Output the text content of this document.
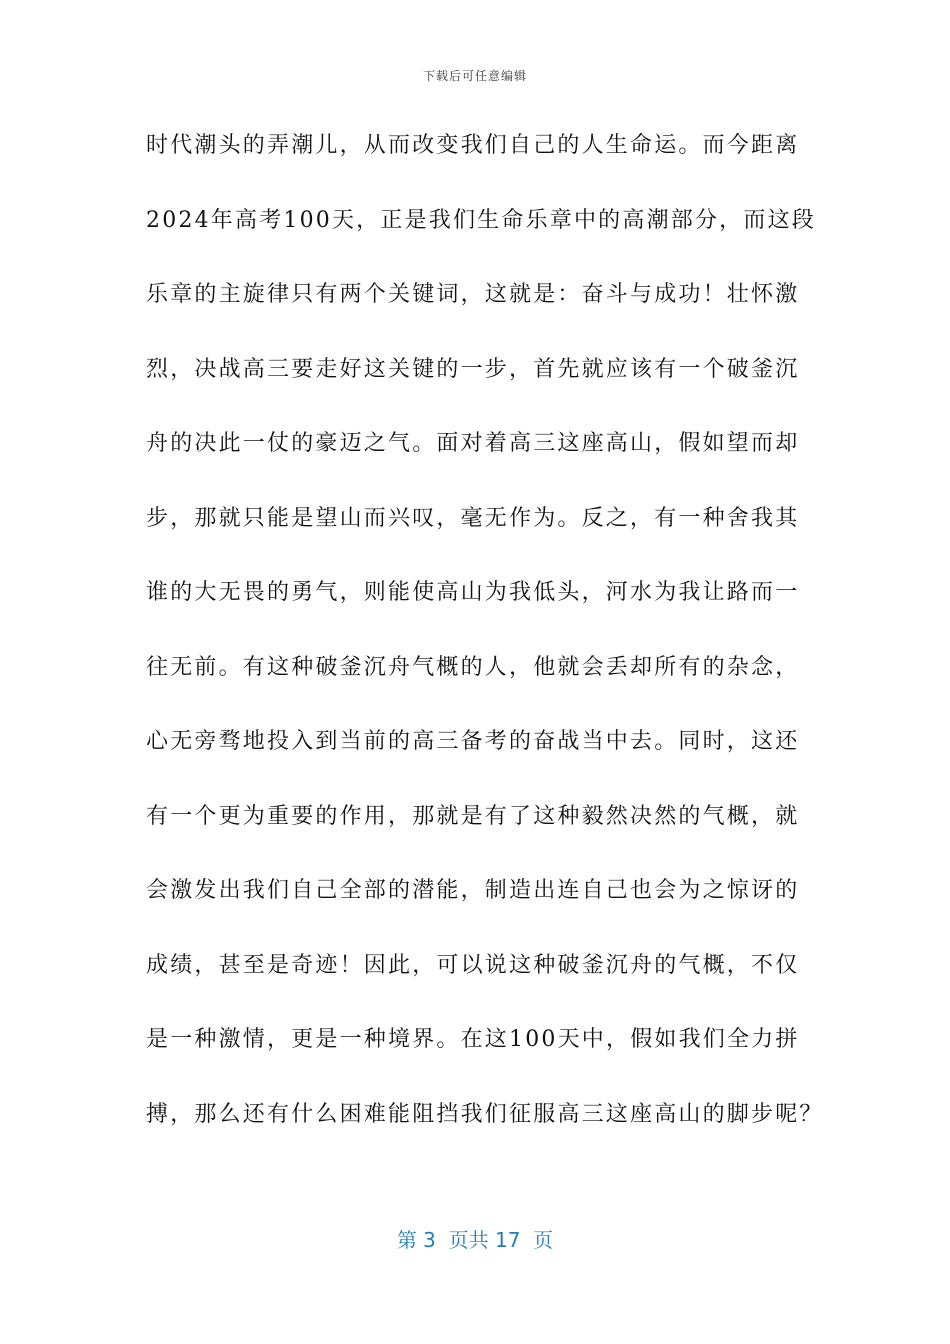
下载后可任意编辑
时代潮头的弄潮儿，从而改变我们自己的人生命运。而今距离
2024年高考100天，正是我们生命乐章中的高潮部分，而这段
乐章的主旋律只有两个关键词，这就是：奋斗与成功！壮怀激
烈，决战高三要走好这关键的一步，首先就应该有一个破釜沉
舟的决此一仗的豪迈之气。面对着高三这座高山，假如望而却
步，那就只能是望山而兴叹，毫无作为。反之，有一种舍我其
谁的大无畏的勇气，则能使高山为我低头，河水为我让路而一
往无前。有这种破釜沉舟气概的人，他就会丢却所有的杂念，
心无旁骛地投入到当前的高三备考的奋战当中去。同时，这还
有一个更为重要的作用，那就是有了这种毅然决然的气概，就
会激发出我们自己全部的潜能，制造出连自己也会为之惊讶的
成绩，甚至是奇迹！因此，可以说这种破釜沉舟的气概，不仅
是一种激情，更是一种境界。在这100天中，假如我们全力拼
搏，那么还有什么困难能阻挡我们征服高三这座高山的脚步呢？
第 3  页共 17  页
